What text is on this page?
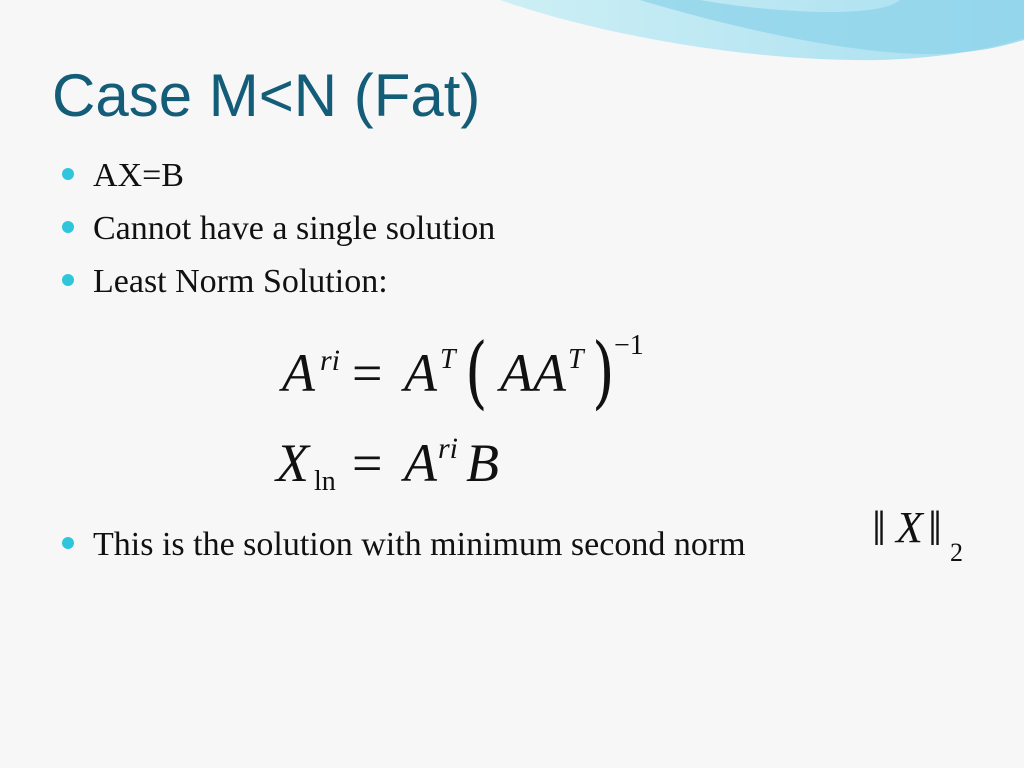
Case M<N (Fat)
AX=B
Cannot have a single solution
Least Norm Solution:
A ri = A T ( AA T ) −1
X ln = A ri B
This is the solution with minimum second norm	‖ X ‖ 2
